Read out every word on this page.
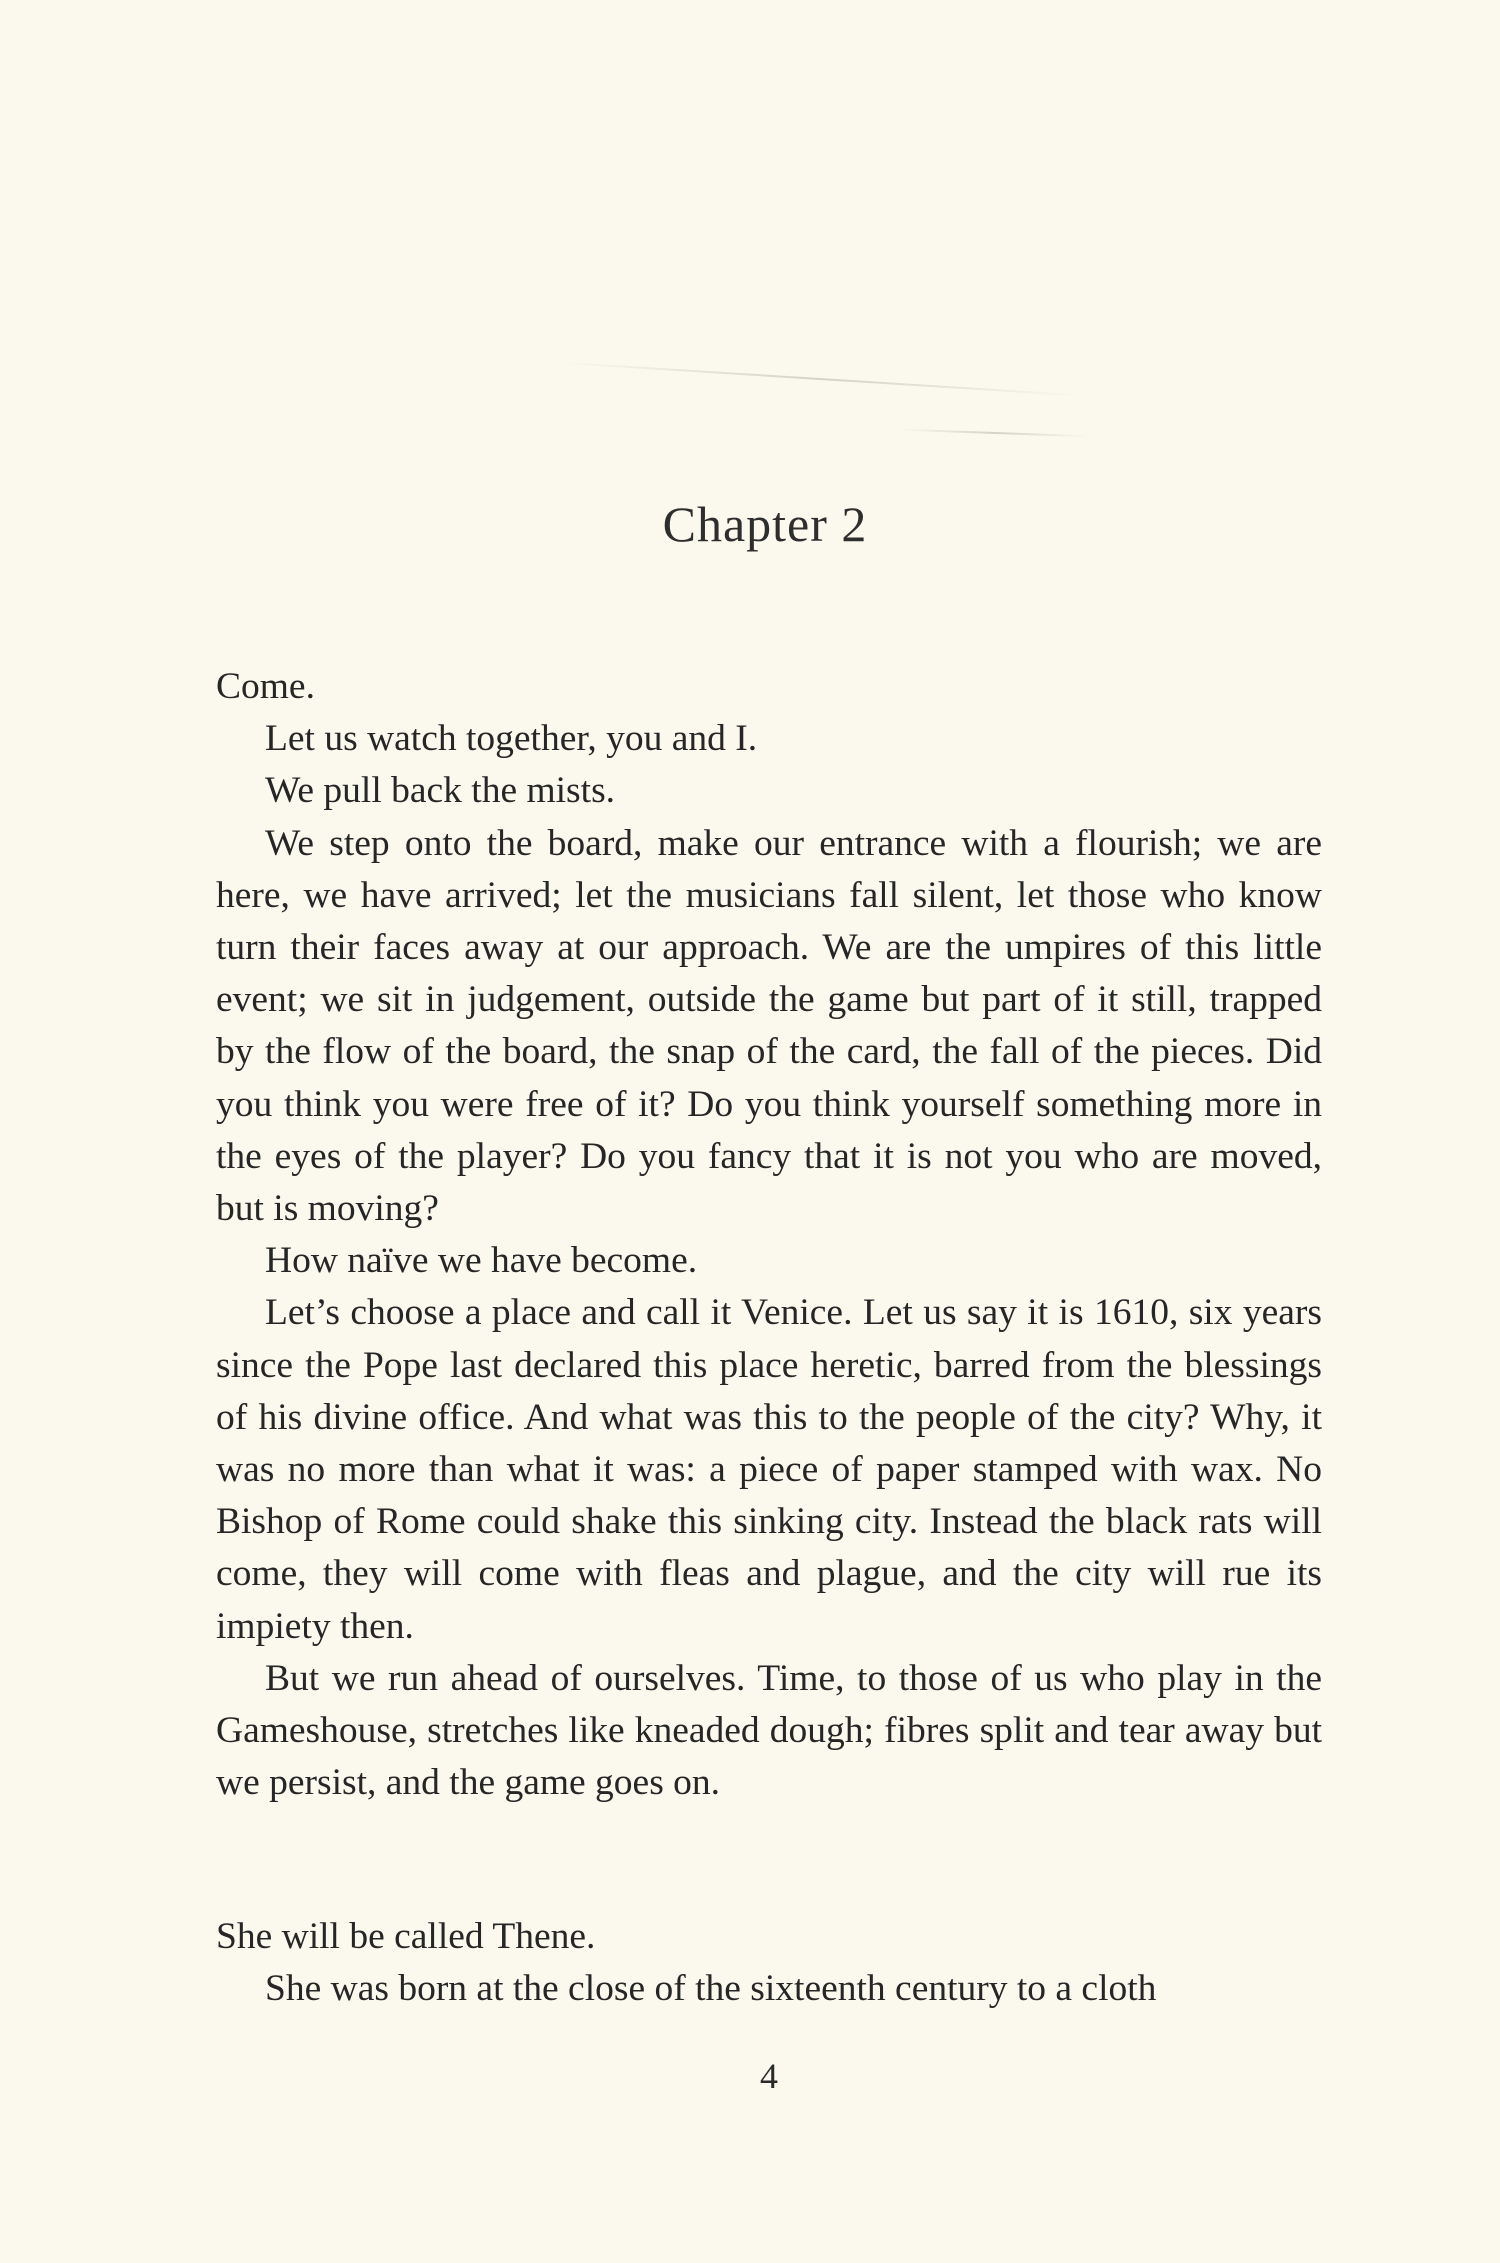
Chapter 2

Come.

Let us watch together, you and I.

We pull back the mists.

We step onto the board, make our entrance with a flourish; we are here, we have arrived; let the musicians fall silent, let those who know turn their faces away at our approach. We are the umpires of this little event; we sit in judgement, outside the game but part of it still, trapped by the flow of the board, the snap of the card, the fall of the pieces. Did you think you were free of it? Do you think yourself something more in the eyes of the player? Do you fancy that it is not you who are moved, but is moving?

How naïve we have become.

Let’s choose a place and call it Venice. Let us say it is 1610, six years since the Pope last declared this place heretic, barred from the blessings of his divine office. And what was this to the people of the city? Why, it was no more than what it was: a piece of paper stamped with wax. No Bishop of Rome could shake this sinking city. Instead the black rats will come, they will come with fleas and plague, and the city will rue its impiety then.

But we run ahead of ourselves. Time, to those of us who play in the Gameshouse, stretches like kneaded dough; fibres split and tear away but we persist, and the game goes on.

She will be called Thene.

She was born at the close of the sixteenth century to a cloth

4
